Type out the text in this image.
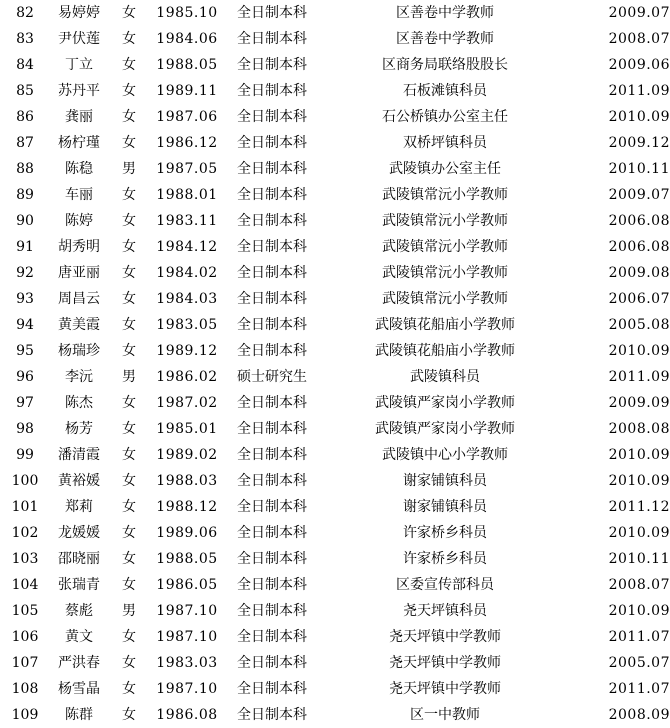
82	易婷婷	女	1985.10	全日制本科	区善卷中学教师	2009.07
83	尹伏莲	女	1984.06	全日制本科	区善卷中学教师	2008.07
84	丁立	女	1988.05	全日制本科	区商务局联络股股长	2009.06
85	苏丹平	女	1989.11	全日制本科	石板滩镇科员	2011.09
86	龚丽	女	1987.06	全日制本科	石公桥镇办公室主任	2010.09
87	杨柠瑾	女	1986.12	全日制本科	双桥坪镇科员	2009.12
88	陈稳	男	1987.05	全日制本科	武陵镇办公室主任	2010.11
89	车丽	女	1988.01	全日制本科	武陵镇常沅小学教师	2009.07
90	陈婷	女	1983.11	全日制本科	武陵镇常沅小学教师	2006.08
91	胡秀明	女	1984.12	全日制本科	武陵镇常沅小学教师	2006.08
92	唐亚丽	女	1984.02	全日制本科	武陵镇常沅小学教师	2009.08
93	周昌云	女	1984.03	全日制本科	武陵镇常沅小学教师	2006.07
94	黄美霞	女	1983.05	全日制本科	武陵镇花船庙小学教师	2005.08
95	杨瑞珍	女	1989.12	全日制本科	武陵镇花船庙小学教师	2010.09
96	李沅	男	1986.02	硕士研究生	武陵镇科员	2011.09
97	陈杰	女	1987.02	全日制本科	武陵镇严家岗小学教师	2009.09
98	杨芳	女	1985.01	全日制本科	武陵镇严家岗小学教师	2008.08
99	潘清霞	女	1989.02	全日制本科	武陵镇中心小学教师	2010.09
100	黄裕媛	女	1988.03	全日制本科	谢家铺镇科员	2010.09
101	郑莉	女	1988.12	全日制本科	谢家铺镇科员	2011.12
102	龙媛媛	女	1989.06	全日制本科	许家桥乡科员	2010.09
103	邵晓丽	女	1988.05	全日制本科	许家桥乡科员	2010.11
104	张瑞青	女	1986.05	全日制本科	区委宣传部科员	2008.07
105	蔡彪	男	1987.10	全日制本科	尧天坪镇科员	2010.09
106	黄文	女	1987.10	全日制本科	尧天坪镇中学教师	2011.07
107	严洪春	女	1983.03	全日制本科	尧天坪镇中学教师	2005.07
108	杨雪晶	女	1987.10	全日制本科	尧天坪镇中学教师	2011.07
109	陈群	女	1986.08	全日制本科	区一中教师	2008.09
